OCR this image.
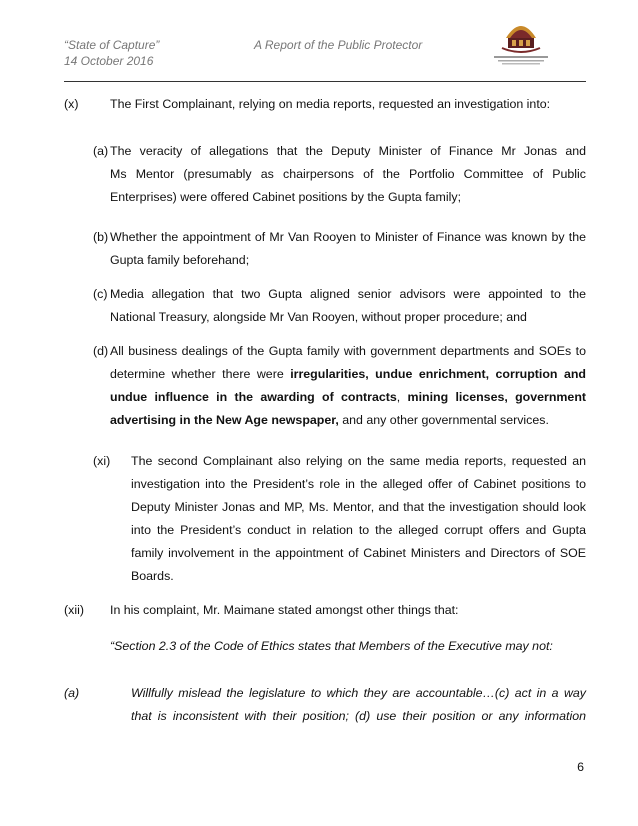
“State of Capture”
14 October 2016
A Report of the Public Protector
(x)	The First Complainant, relying on media reports, requested an investigation into:
(a) The veracity of allegations that the Deputy Minister of Finance Mr Jonas and
Ms Mentor (presumably as chairpersons of the Portfolio Committee of Public
Enterprises) were offered Cabinet positions by the Gupta family;
(b) Whether the appointment of Mr Van Rooyen to Minister of Finance was known by the
Gupta family beforehand;
(c) Media allegation that two Gupta aligned senior advisors were appointed to the
National Treasury, alongside Mr Van Rooyen, without proper procedure; and
(d) All business dealings of the Gupta family with government departments and SOEs to
determine whether there were irregularities, undue enrichment, corruption and
undue influence in the awarding of contracts, mining licenses, government
advertising in the New Age newspaper, and any other governmental services.
(xi) The second Complainant also relying on the same media reports, requested an
investigation into the President’s role in the alleged offer of Cabinet positions to
Deputy Minister Jonas and MP, Ms. Mentor, and that the investigation should look
into the President’s conduct in relation to the alleged corrupt offers and Gupta
family involvement in the appointment of Cabinet Ministers and Directors of SOE
Boards.
(xii) In his complaint, Mr. Maimane stated amongst other things that:
“Section 2.3 of the Code of Ethics states that Members of the Executive may not:
(a)	Willfully mislead the legislature to which they are accountable…(c) act in a way
that is inconsistent with their position; (d) use their position or any information
6
